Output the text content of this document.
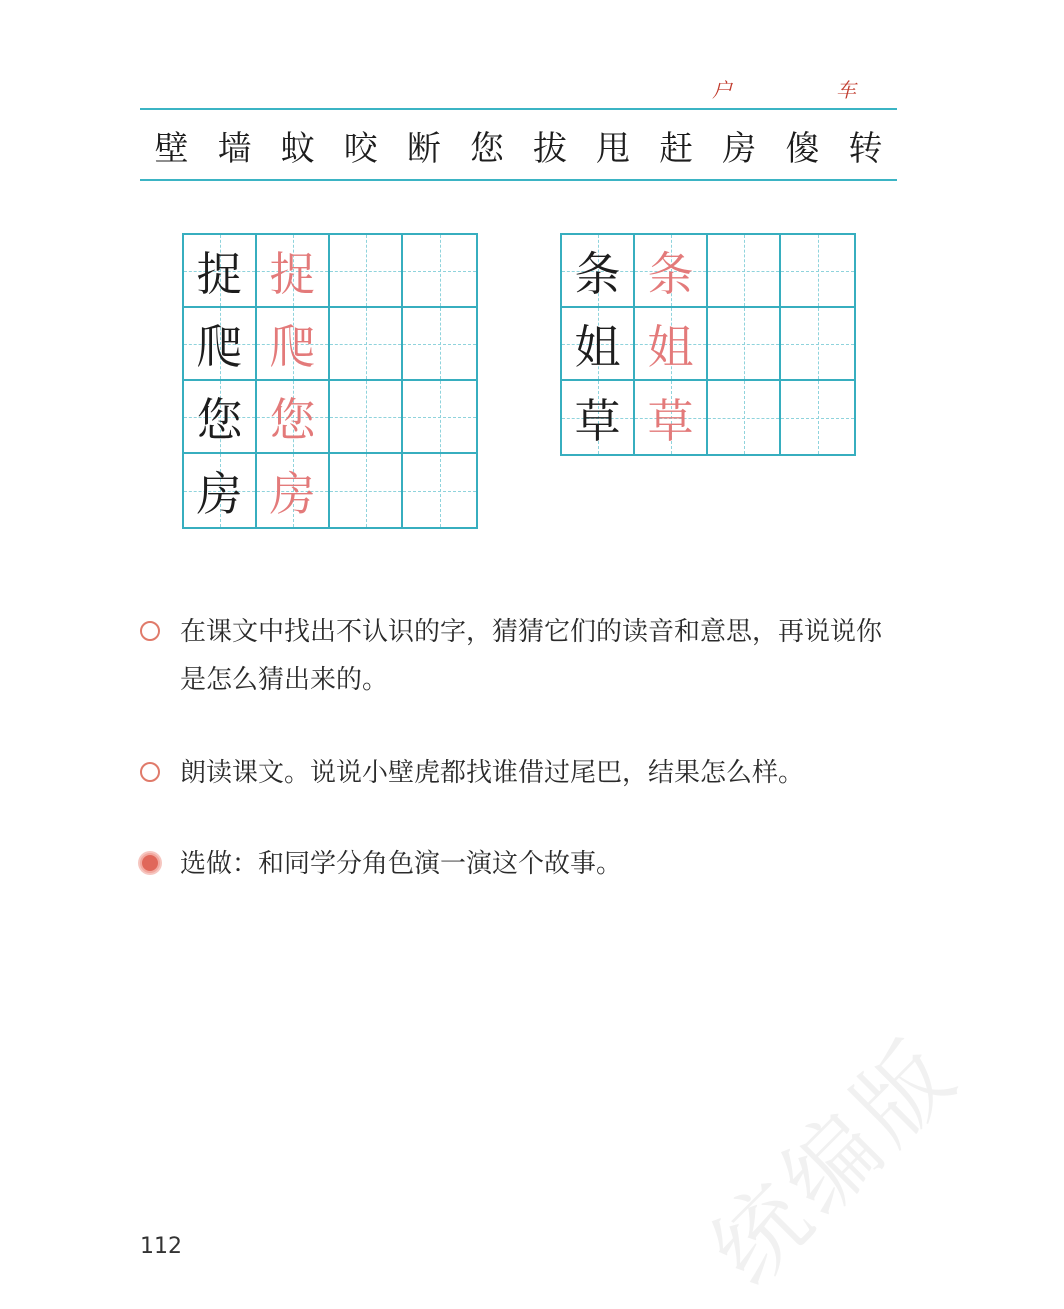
户	车
壁 墙 蚊 咬 断 您 拔 甩 赶 房 傻 转
捉 捉
爬 爬
您 您
房 房
条 条
姐 姐
草 草
在课文中找出不认识的字，猜猜它们的读音和意思，再说说你是怎么猜出来的。
朗读课文。说说小壁虎都找谁借过尾巴，结果怎么样。
选做：和同学分角色演一演这个故事。
统编版
112
